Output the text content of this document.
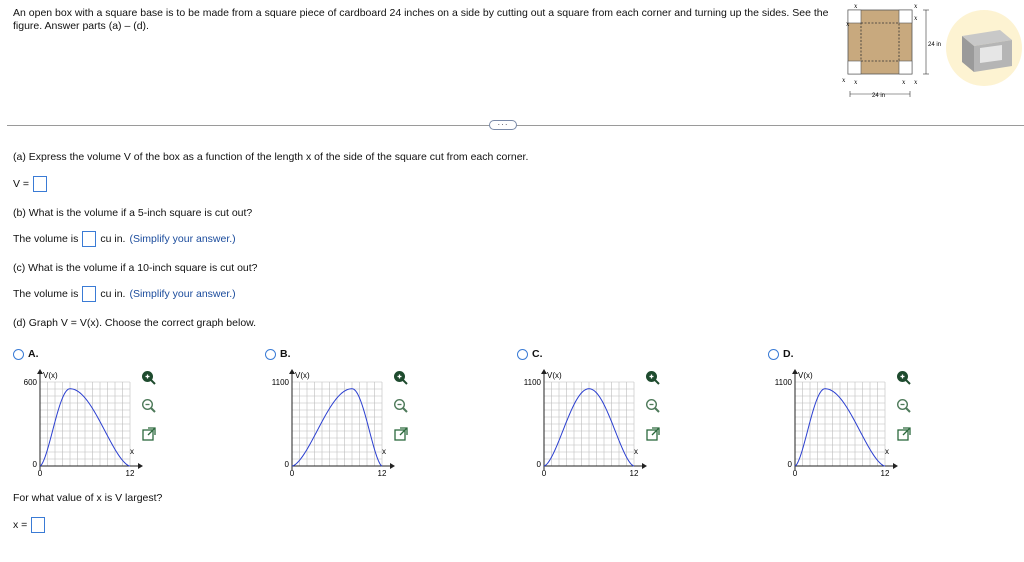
An open box with a square base is to be made from a square piece of cardboard 24 inches on a side by cutting out a square from each corner and turning up the sides. See the figure. Answer parts (a) – (d).	x
x	x
x
x x	x x
24 in
24 in
···
(a) Express the volume V of the box as a function of the length x of the side of the square cut from each corner.
V =
(b) What is the volume if a 5-inch square is cut out?
The volume is cu in. (Simplify your answer.)
(c) What is the volume if a 10-inch square is cut out?
The volume is cu in. (Simplify your answer.)
(d) Graph V = V(x). Choose the correct graph below.
A.
V(x)
600
0
0	12
x
B.
V(x)
1100
0
0	12
x
C.
V(x)
1100
0
0	12
x
D.
V(x)
1100
0
0	12
x
For what value of x is V largest?
x =
